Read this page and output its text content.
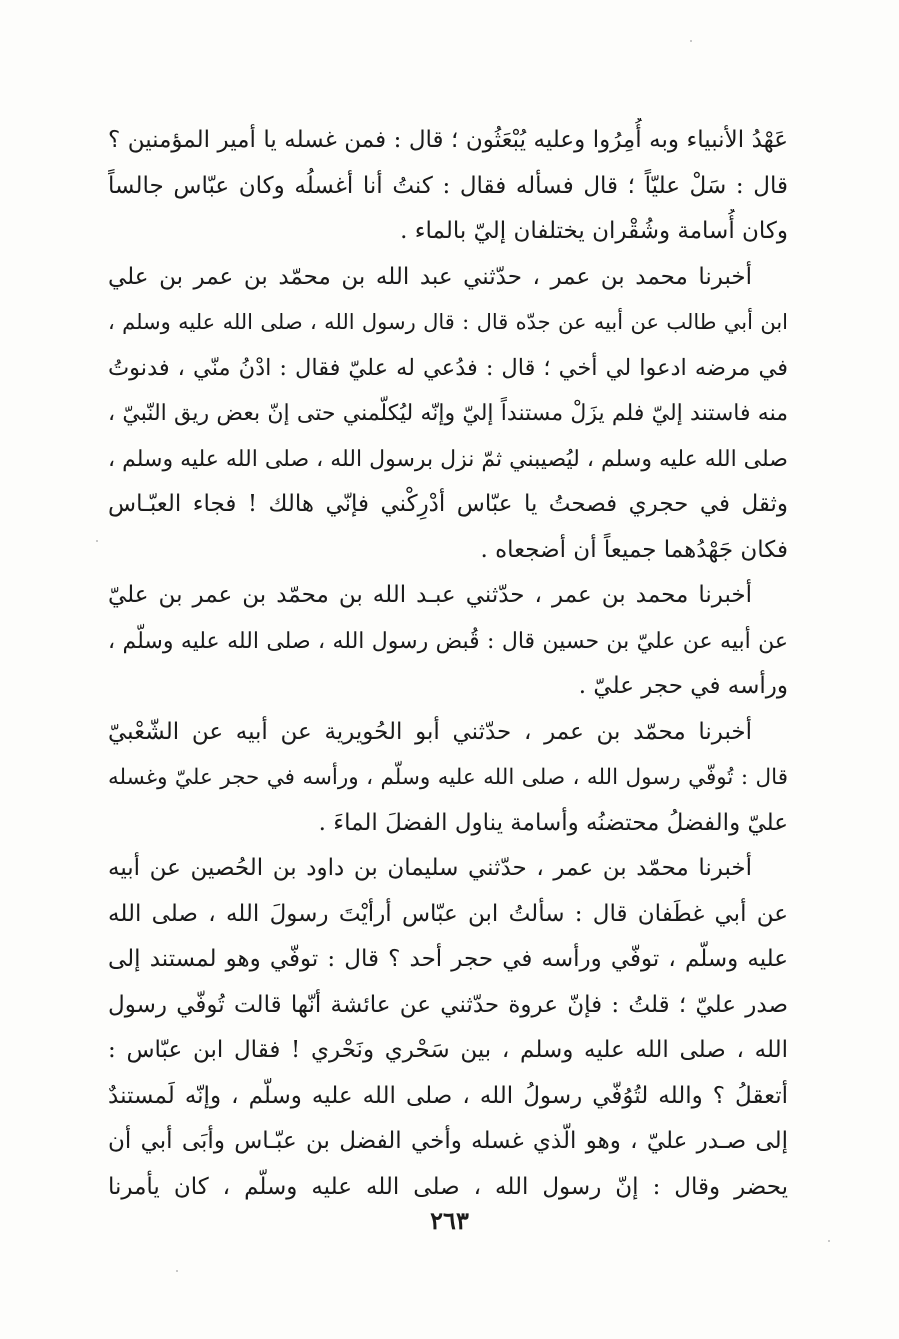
عَهْدُ الأنبياء وبه أُمِرُوا وعليه يُبْعَثُون ؛ قال : فمن غسله يا أمير المؤمنين ؟
قال : سَلْ عليّاً ؛ قال فسأله فقال : كنتُ أنا أغسلُه وكان عبّاس جالساً
وكان أُسامة وشُقْران يختلفان إليّ بالماء .
أخبرنا محمد بن عمر ، حدّثني عبد الله بن محمّد بن عمر بن علي
ابن أبي طالب عن أبيه عن جدّه قال : قال رسول الله ، صلى الله عليه وسلم ،
في مرضه ادعوا لي أخي ؛ قال : فدُعي له عليّ فقال : ادْنُ منّي ، فدنوتُ
منه فاستند إليّ فلم يزَلْ مستنداً إليّ وإنّه ليُكلّمني حتى إنّ بعض ريق النّبيّ ،
صلى الله عليه وسلم ، ليُصيبني ثمّ نزل برسول الله ، صلى الله عليه وسلم ،
وثقل في حجري فصحتُ يا عبّاس أدْرِكْني فإنّي هالك ! فجاء العبّـاس
فكان جَهْدُهما جميعاً أن أضجعاه .
أخبرنا محمد بن عمر ، حدّثني عبـد الله بن محمّد بن عمر بن عليّ
عن أبيه عن عليّ بن حسين قال : قُبض رسول الله ، صلى الله عليه وسلّم ،
ورأسه في حجر عليّ .
أخبرنا محمّد بن عمر ، حدّثني أبو الحُويرية عن أبيه عن الشّعْبيّ
قال : تُوفّي رسول الله ، صلى الله عليه وسلّم ، ورأسه في حجر عليّ وغسله
عليّ والفضلُ محتضنُه وأسامة يناول الفضلَ الماءَ .
أخبرنا محمّد بن عمر ، حدّثني سليمان بن داود بن الحُصين عن أبيه
عن أبي غطَفان قال : سألتُ ابن عبّاس أرأيْتَ رسولَ الله ، صلى الله
عليه وسلّم ، توفّي ورأسه في حجر أحد ؟ قال : توفّي وهو لمستند إلى
صدر عليّ ؛ قلتُ : فإنّ عروة حدّثني عن عائشة أنّها قالت تُوفّي رسول
الله ، صلى الله عليه وسلم ، بين سَحْري ونَحْري ! فقال ابن عبّاس :
أتعقلُ ؟ والله لتُوُفّي رسولُ الله ، صلى الله عليه وسلّم ، وإنّه لَمستندٌ
إلى صـدر عليّ ، وهو الّذي غسله وأخي الفضل بن عبّـاس وأبَى أبي أن
يحضر وقال : إنّ رسول الله ، صلى الله عليه وسلّم ، كان يأمرنا
٢٦٣
